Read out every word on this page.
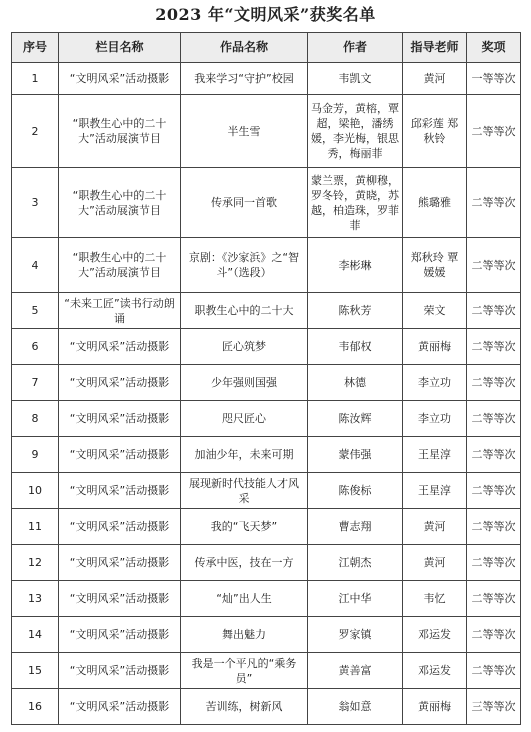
2023 年“文明风采”获奖名单
序号	栏目名称	作品名称	作者	指导老师	奖项
1	“文明风采”活动摄影	我来学习“守护”校园	韦凯文	黄河	一等等次
2	“职教生心中的二十大”活动展演节目	半生雪	马金芳，黄榕，覃超，梁艳，潘绣媛，李光梅，银思秀，梅丽菲	邱彩莲 郑秋铃	二等等次
3	“职教生心中的二十大”活动展演节目	传承同一首歌	蒙兰票，黄柳穆，罗冬铃，黄晓，苏越，柏造珠，罗菲菲	熊璐雅	二等等次
4	“职教生心中的二十大”活动展演节目	京剧：《沙家浜》之“智斗”（选段）	李彬琳	郑秋玲 覃媛媛	二等等次
5	“未来工匠”读书行动朗诵	职教生心中的二十大	陈秋芳	荣文	二等等次
6	“文明风采”活动摄影	匠心筑梦	韦郁权	黄丽梅	二等等次
7	“文明风采”活动摄影	少年强则国强	林德	李立功	二等等次
8	“文明风采”活动摄影	咫尺匠心	陈汝辉	李立功	二等等次
9	“文明风采”活动摄影	加油少年，未来可期	蒙伟强	王星淳	二等等次
10	“文明风采”活动摄影	展现新时代技能人才风采	陈俊标	王星淳	二等等次
11	“文明风采”活动摄影	我的“飞天梦”	曹志翔	黄河	二等等次
12	“文明风采”活动摄影	传承中医，技在一方	江朝杰	黄河	二等等次
13	“文明风采”活动摄影	“灿”出人生	江中华	韦忆	二等等次
14	“文明风采”活动摄影	舞出魅力	罗家镇	邓运发	二等等次
15	“文明风采”活动摄影	我是一个平凡的“乘务员”	黄善富	邓运发	二等等次
16	“文明风采”活动摄影	苦训练，树新风	翁如意	黄丽梅	三等等次
